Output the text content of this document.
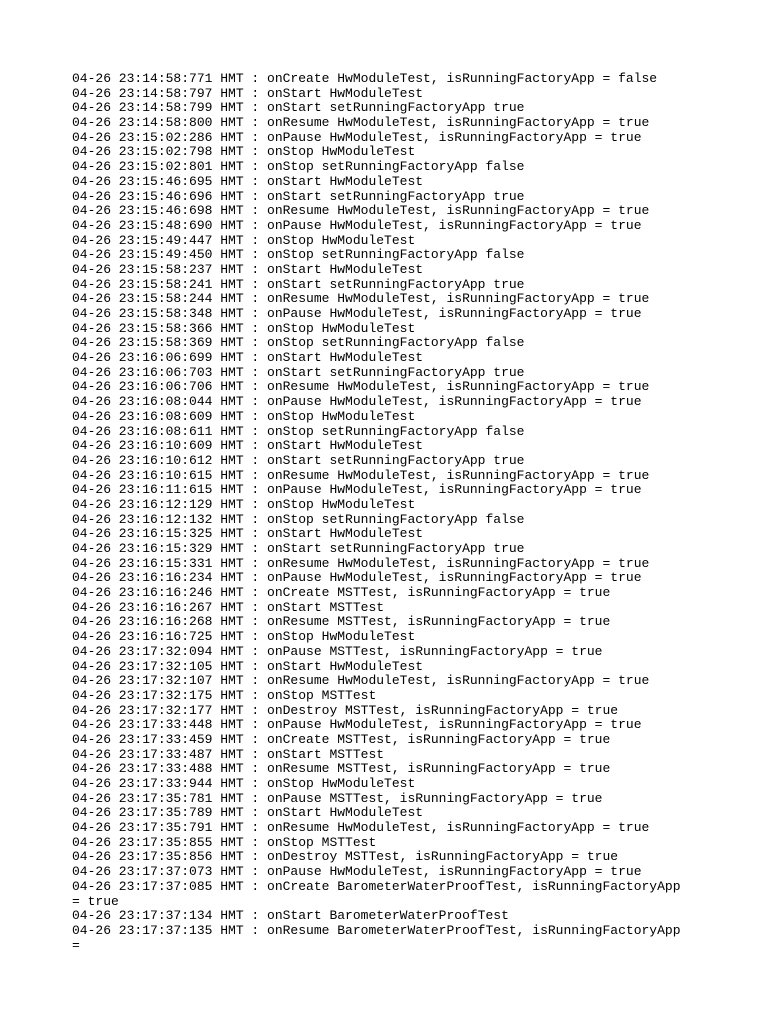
04-26 23:14:58:771 HMT : onCreate HwModuleTest, isRunningFactoryApp = false
04-26 23:14:58:797 HMT : onStart HwModuleTest
04-26 23:14:58:799 HMT : onStart setRunningFactoryApp true
04-26 23:14:58:800 HMT : onResume HwModuleTest, isRunningFactoryApp = true
04-26 23:15:02:286 HMT : onPause HwModuleTest, isRunningFactoryApp = true
04-26 23:15:02:798 HMT : onStop HwModuleTest
04-26 23:15:02:801 HMT : onStop setRunningFactoryApp false
04-26 23:15:46:695 HMT : onStart HwModuleTest
04-26 23:15:46:696 HMT : onStart setRunningFactoryApp true
04-26 23:15:46:698 HMT : onResume HwModuleTest, isRunningFactoryApp = true
04-26 23:15:48:690 HMT : onPause HwModuleTest, isRunningFactoryApp = true
04-26 23:15:49:447 HMT : onStop HwModuleTest
04-26 23:15:49:450 HMT : onStop setRunningFactoryApp false
04-26 23:15:58:237 HMT : onStart HwModuleTest
04-26 23:15:58:241 HMT : onStart setRunningFactoryApp true
04-26 23:15:58:244 HMT : onResume HwModuleTest, isRunningFactoryApp = true
04-26 23:15:58:348 HMT : onPause HwModuleTest, isRunningFactoryApp = true
04-26 23:15:58:366 HMT : onStop HwModuleTest
04-26 23:15:58:369 HMT : onStop setRunningFactoryApp false
04-26 23:16:06:699 HMT : onStart HwModuleTest
04-26 23:16:06:703 HMT : onStart setRunningFactoryApp true
04-26 23:16:06:706 HMT : onResume HwModuleTest, isRunningFactoryApp = true
04-26 23:16:08:044 HMT : onPause HwModuleTest, isRunningFactoryApp = true
04-26 23:16:08:609 HMT : onStop HwModuleTest
04-26 23:16:08:611 HMT : onStop setRunningFactoryApp false
04-26 23:16:10:609 HMT : onStart HwModuleTest
04-26 23:16:10:612 HMT : onStart setRunningFactoryApp true
04-26 23:16:10:615 HMT : onResume HwModuleTest, isRunningFactoryApp = true
04-26 23:16:11:615 HMT : onPause HwModuleTest, isRunningFactoryApp = true
04-26 23:16:12:129 HMT : onStop HwModuleTest
04-26 23:16:12:132 HMT : onStop setRunningFactoryApp false
04-26 23:16:15:325 HMT : onStart HwModuleTest
04-26 23:16:15:329 HMT : onStart setRunningFactoryApp true
04-26 23:16:15:331 HMT : onResume HwModuleTest, isRunningFactoryApp = true
04-26 23:16:16:234 HMT : onPause HwModuleTest, isRunningFactoryApp = true
04-26 23:16:16:246 HMT : onCreate MSTTest, isRunningFactoryApp = true
04-26 23:16:16:267 HMT : onStart MSTTest
04-26 23:16:16:268 HMT : onResume MSTTest, isRunningFactoryApp = true
04-26 23:16:16:725 HMT : onStop HwModuleTest
04-26 23:17:32:094 HMT : onPause MSTTest, isRunningFactoryApp = true
04-26 23:17:32:105 HMT : onStart HwModuleTest
04-26 23:17:32:107 HMT : onResume HwModuleTest, isRunningFactoryApp = true
04-26 23:17:32:175 HMT : onStop MSTTest
04-26 23:17:32:177 HMT : onDestroy MSTTest, isRunningFactoryApp = true
04-26 23:17:33:448 HMT : onPause HwModuleTest, isRunningFactoryApp = true
04-26 23:17:33:459 HMT : onCreate MSTTest, isRunningFactoryApp = true
04-26 23:17:33:487 HMT : onStart MSTTest
04-26 23:17:33:488 HMT : onResume MSTTest, isRunningFactoryApp = true
04-26 23:17:33:944 HMT : onStop HwModuleTest
04-26 23:17:35:781 HMT : onPause MSTTest, isRunningFactoryApp = true
04-26 23:17:35:789 HMT : onStart HwModuleTest
04-26 23:17:35:791 HMT : onResume HwModuleTest, isRunningFactoryApp = true
04-26 23:17:35:855 HMT : onStop MSTTest
04-26 23:17:35:856 HMT : onDestroy MSTTest, isRunningFactoryApp = true
04-26 23:17:37:073 HMT : onPause HwModuleTest, isRunningFactoryApp = true
04-26 23:17:37:085 HMT : onCreate BarometerWaterProofTest, isRunningFactoryApp = true
04-26 23:17:37:134 HMT : onStart BarometerWaterProofTest
04-26 23:17:37:135 HMT : onResume BarometerWaterProofTest, isRunningFactoryApp =
